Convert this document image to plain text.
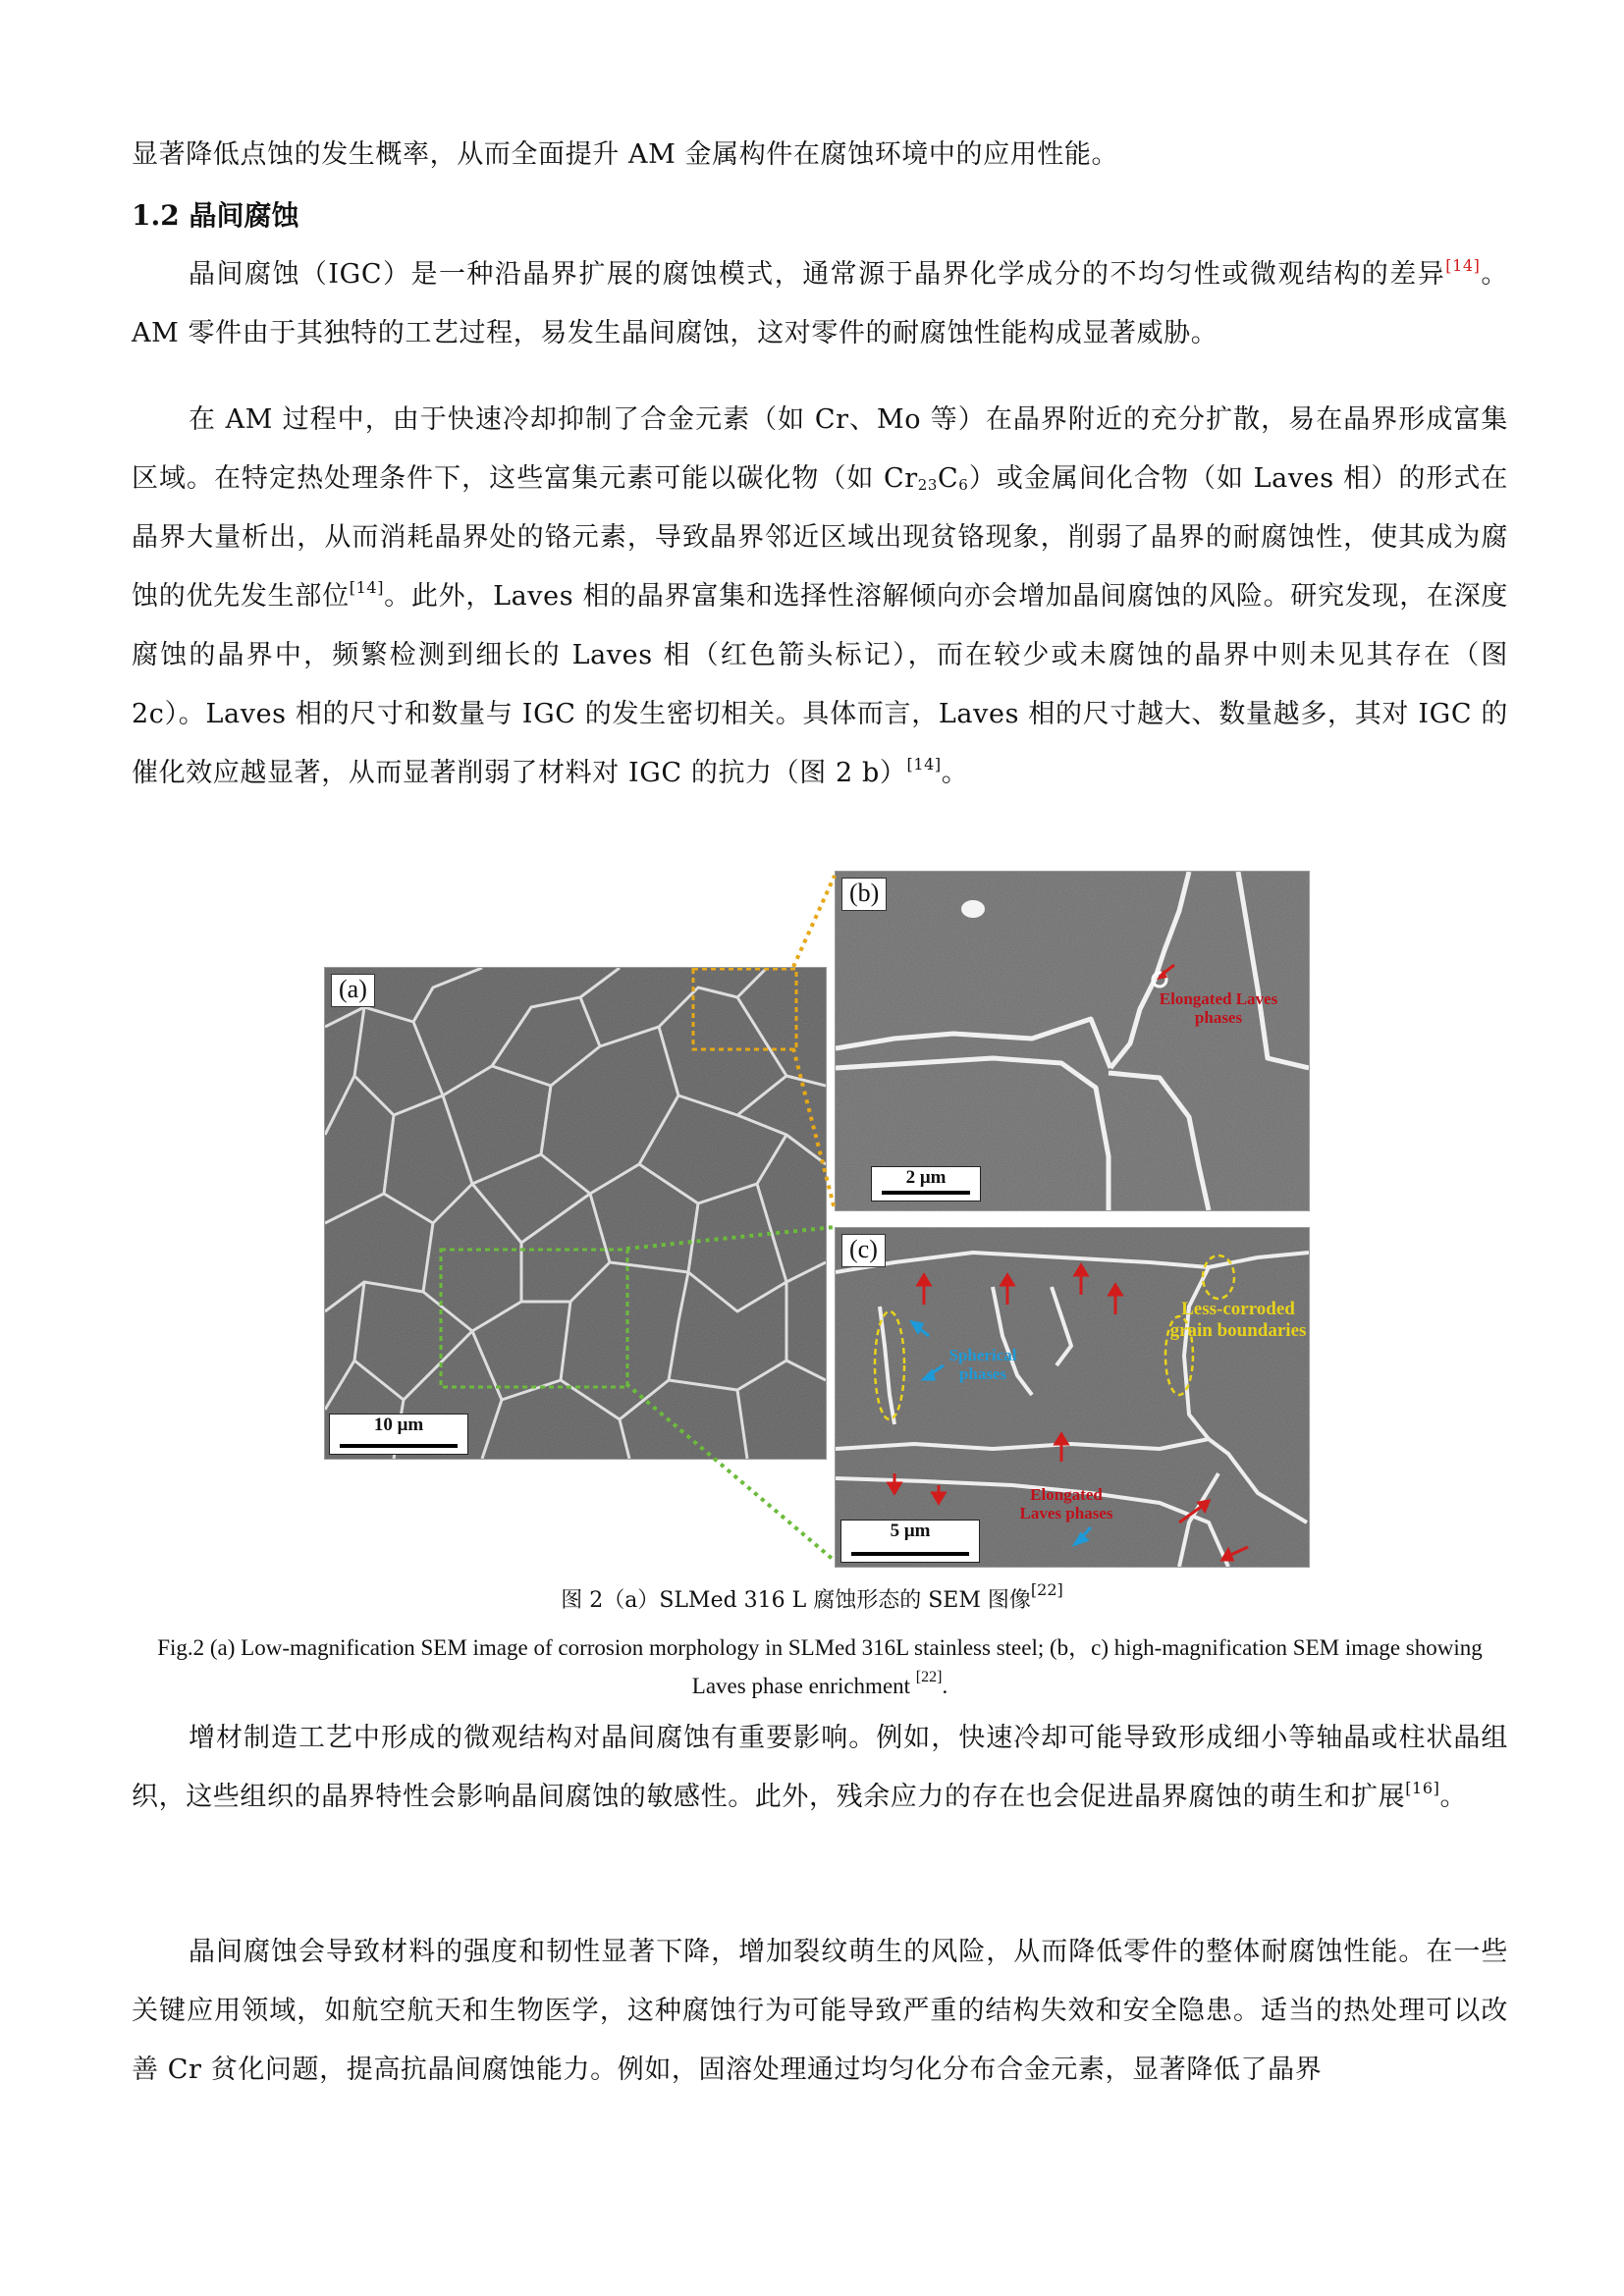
显著降低点蚀的发生概率，从而全面提升 AM 金属构件在腐蚀环境中的应用性能。

1.2 晶间腐蚀

晶间腐蚀（IGC）是一种沿晶界扩展的腐蚀模式，通常源于晶界化学成分的不均匀性或微观结构的差异[14]。AM 零件由于其独特的工艺过程，易发生晶间腐蚀，这对零件的耐腐蚀性能构成显著威胁。

在 AM 过程中，由于快速冷却抑制了合金元素（如 Cr、Mo 等）在晶界附近的充分扩散，易在晶界形成富集区域。在特定热处理条件下，这些富集元素可能以碳化物（如 $Cr_{23}C_6$）或金属间化合物（如 Laves 相）的形式在晶界大量析出，从而消耗晶界处的铬元素，导致晶界邻近区域出现贫铬现象，削弱了晶界的耐腐蚀性，使其成为腐蚀的优先发生部位[14]。此外，Laves 相的晶界富集和选择性溶解倾向亦会增加晶间腐蚀的风险。研究发现，在深度腐蚀的晶界中，频繁检测到细长的 Laves 相（红色箭头标记），而在较少或未腐蚀的晶界中则未见其存在（图 2c）。Laves 相的尺寸和数量与 IGC 的发生密切相关。具体而言，Laves 相的尺寸越大、数量越多，其对 IGC 的催化效应越显著，从而显著削弱了材料对 IGC 的抗力（图 2 b）[14]。

(a)
10 μm
(b)
Elongated Laves phases
2 μm
(c)
Spherical phases
Less-corroded grain boundaries
Elongated Laves phases
5 μm

图 2（a）SLMed 316 L 腐蚀形态的 SEM 图像[22]

Fig.2 (a) Low-magnification SEM image of corrosion morphology in SLMed 316L stainless steel; (b，c) high-magnification SEM image showing Laves phase enrichment [22].

增材制造工艺中形成的微观结构对晶间腐蚀有重要影响。例如，快速冷却可能导致形成细小等轴晶或柱状晶组织，这些组织的晶界特性会影响晶间腐蚀的敏感性。此外，残余应力的存在也会促进晶界腐蚀的萌生和扩展[16]。

晶间腐蚀会导致材料的强度和韧性显著下降，增加裂纹萌生的风险，从而降低零件的整体耐腐蚀性能。在一些关键应用领域，如航空航天和生物医学，这种腐蚀行为可能导致严重的结构失效和安全隐患。适当的热处理可以改善 Cr 贫化问题，提高抗晶间腐蚀能力。例如，固溶处理通过均匀化分布合金元素，显著降低了晶界
